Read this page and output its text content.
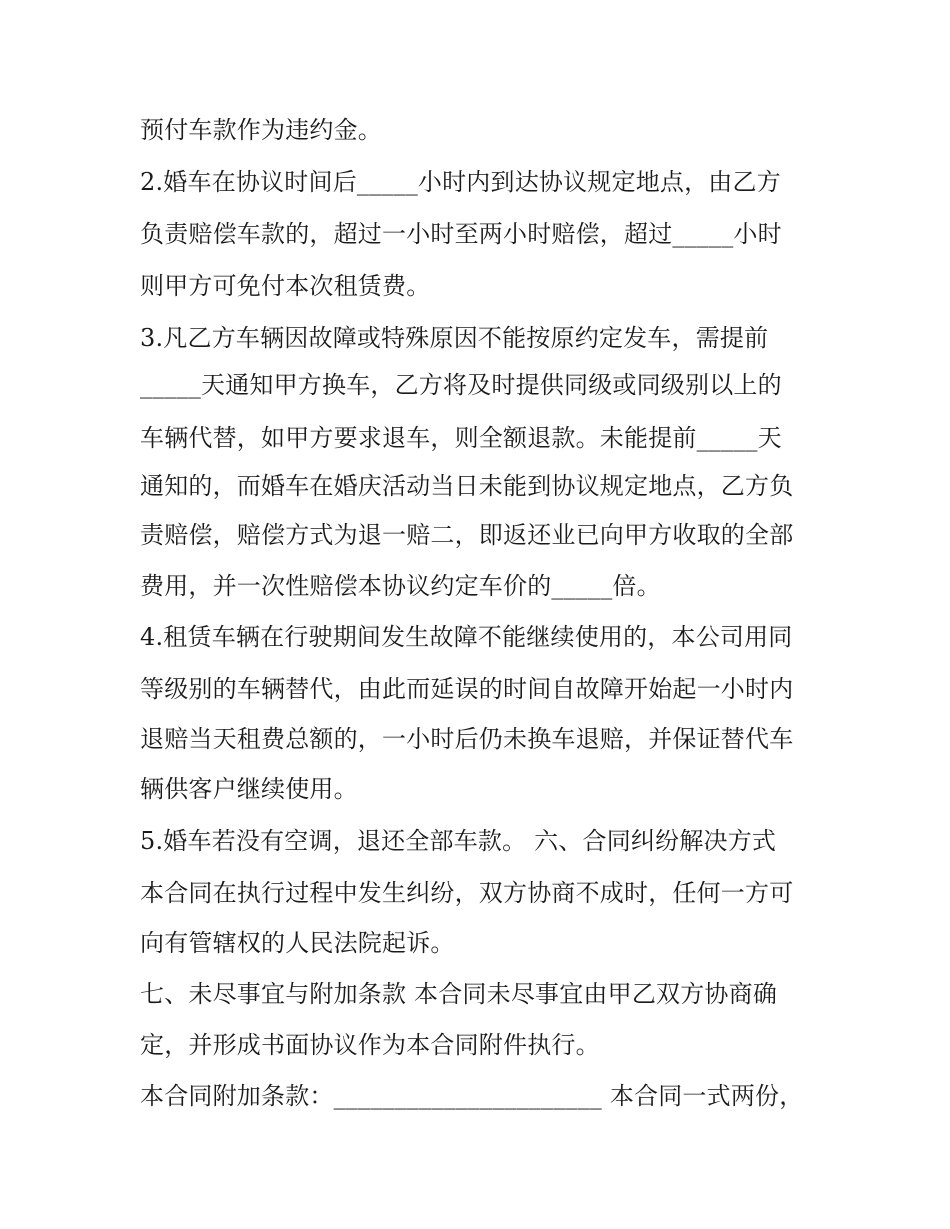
预付车款作为违约金。
2.婚车在协议时间后_____小时内到达协议规定地点，由乙方
负责赔偿车款的，超过一小时至两小时赔偿，超过_____小时
则甲方可免付本次租赁费。
3.凡乙方车辆因故障或特殊原因不能按原约定发车，需提前
_____天通知甲方换车，乙方将及时提供同级或同级别以上的
车辆代替，如甲方要求退车，则全额退款。未能提前_____天
通知的，而婚车在婚庆活动当日未能到协议规定地点，乙方负
责赔偿，赔偿方式为退一赔二，即返还业已向甲方收取的全部
费用，并一次性赔偿本协议约定车价的_____倍。
4.租赁车辆在行驶期间发生故障不能继续使用的，本公司用同
等级别的车辆替代，由此而延误的时间自故障开始起一小时内
退赔当天租费总额的，一小时后仍未换车退赔，并保证替代车
辆供客户继续使用。
5.婚车若没有空调，退还全部车款。 六、合同纠纷解决方式
本合同在执行过程中发生纠纷，双方协商不成时，任何一方可
向有管辖权的人民法院起诉。
七、未尽事宜与附加条款 本合同未尽事宜由甲乙双方协商确
定，并形成书面协议作为本合同附件执行。
本合同附加条款：______________________ 本合同一式两份，
